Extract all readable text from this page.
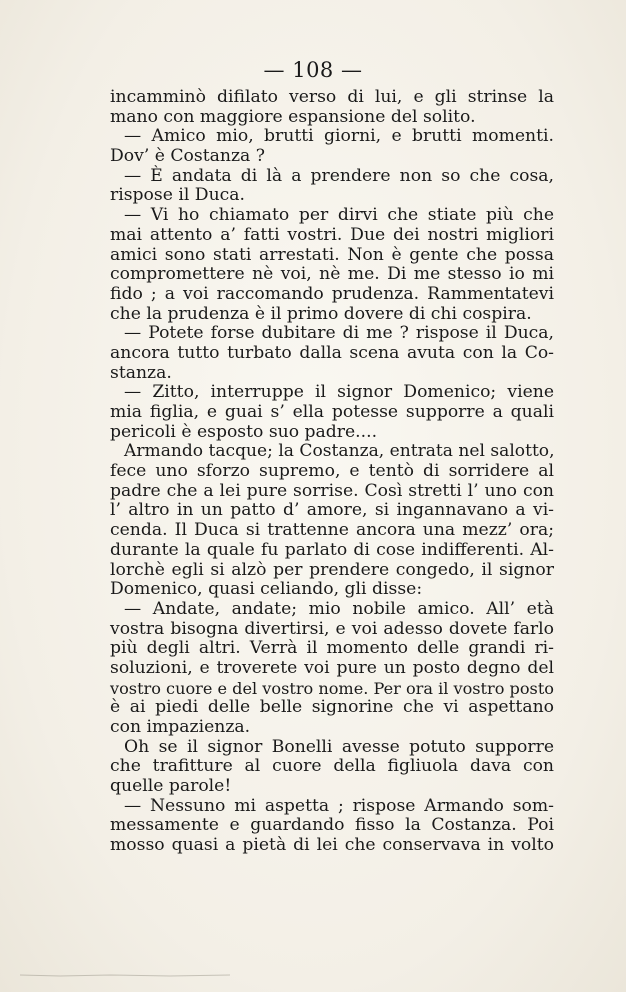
— 108 —
incamminò difilato verso di lui, e gli strinse la
mano con maggiore espansione del solito.
— Amico mio, brutti giorni, e brutti momenti.
Dov’ è Costanza ?
— È andata di là a prendere non so che cosa,
rispose il Duca.
— Vi ho chiamato per dirvi che stiate più che
mai attento a’ fatti vostri. Due dei nostri migliori
amici sono stati arrestati. Non è gente che possa
compromettere nè voi, nè me. Di me stesso io mi
fido ; a voi raccomando prudenza. Rammentatevi
che la prudenza è il primo dovere di chi cospira.
— Potete forse dubitare di me ? rispose il Duca,
ancora tutto turbato dalla scena avuta con la Co-
stanza.
— Zitto, interruppe il signor Domenico; viene
mia figlia, e guai s’ ella potesse supporre a quali
pericoli è esposto suo padre....
Armando tacque; la Costanza, entrata nel salotto,
fece uno sforzo supremo, e tentò di sorridere al
padre che a lei pure sorrise. Così stretti l’ uno con
l’ altro in un patto d’ amore, si ingannavano a vi-
cenda. Il Duca si trattenne ancora una mezz’ ora;
durante la quale fu parlato di cose indifferenti. Al-
lorchè egli si alzò per prendere congedo, il signor
Domenico, quasi celiando, gli disse:
— Andate, andate; mio nobile amico. All’ età
vostra bisogna divertirsi, e voi adesso dovete farlo
più degli altri. Verrà il momento delle grandi ri-
soluzioni, e troverete voi pure un posto degno del
vostro cuore e del vostro nome. Per ora il vostro posto
è ai piedi delle belle signorine che vi aspettano
con impazienza.
Oh se il signor Bonelli avesse potuto supporre
che trafitture al cuore della figliuola dava con
quelle parole!
— Nessuno mi aspetta ; rispose Armando som-
messamente e guardando fisso la Costanza. Poi
mosso quasi a pietà di lei che conservava in volto
